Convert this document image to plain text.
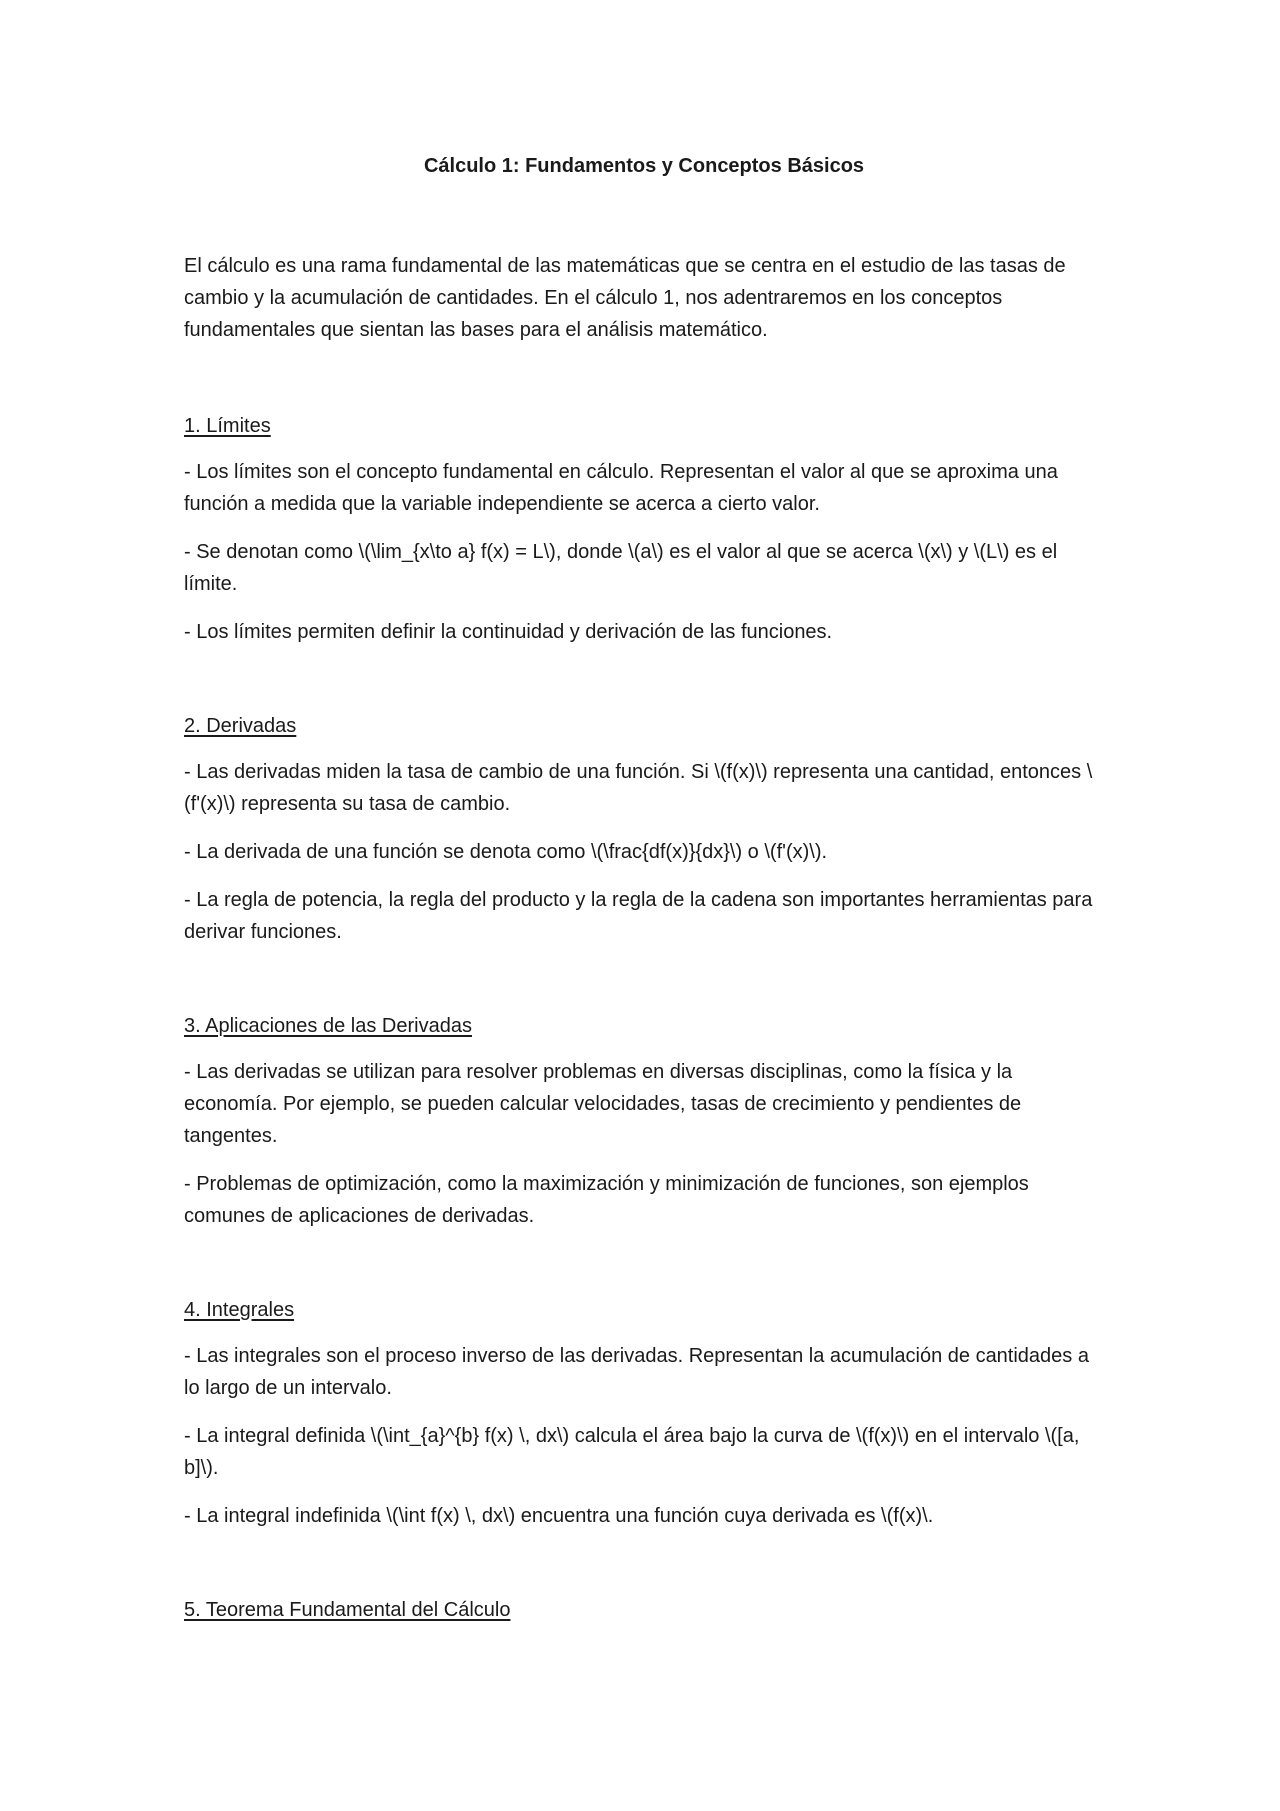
Cálculo 1: Fundamentos y Conceptos Básicos

El cálculo es una rama fundamental de las matemáticas que se centra en el estudio de las tasas de cambio y la acumulación de cantidades. En el cálculo 1, nos adentraremos en los conceptos fundamentales que sientan las bases para el análisis matemático.

1. Límites

- Los límites son el concepto fundamental en cálculo. Representan el valor al que se aproxima una función a medida que la variable independiente se acerca a cierto valor.

- Se denotan como \(\lim_{x\to a} f(x) = L\), donde \(a\) es el valor al que se acerca \(x\) y \(L\) es el límite.

- Los límites permiten definir la continuidad y derivación de las funciones.

2. Derivadas

- Las derivadas miden la tasa de cambio de una función. Si \(f(x)\) representa una cantidad, entonces \(f'(x)\) representa su tasa de cambio.

- La derivada de una función se denota como \(\frac{df(x)}{dx}\) o \(f'(x)\).

- La regla de potencia, la regla del producto y la regla de la cadena son importantes herramientas para derivar funciones.

3. Aplicaciones de las Derivadas

- Las derivadas se utilizan para resolver problemas en diversas disciplinas, como la física y la economía. Por ejemplo, se pueden calcular velocidades, tasas de crecimiento y pendientes de tangentes.

- Problemas de optimización, como la maximización y minimización de funciones, son ejemplos comunes de aplicaciones de derivadas.

4. Integrales

- Las integrales son el proceso inverso de las derivadas. Representan la acumulación de cantidades a lo largo de un intervalo.

- La integral definida \(\int_{a}^{b} f(x) \, dx\) calcula el área bajo la curva de \(f(x)\) en el intervalo \([a, b]\).

- La integral indefinida \(\int f(x) \, dx\) encuentra una función cuya derivada es \(f(x)\.

5. Teorema Fundamental del Cálculo
